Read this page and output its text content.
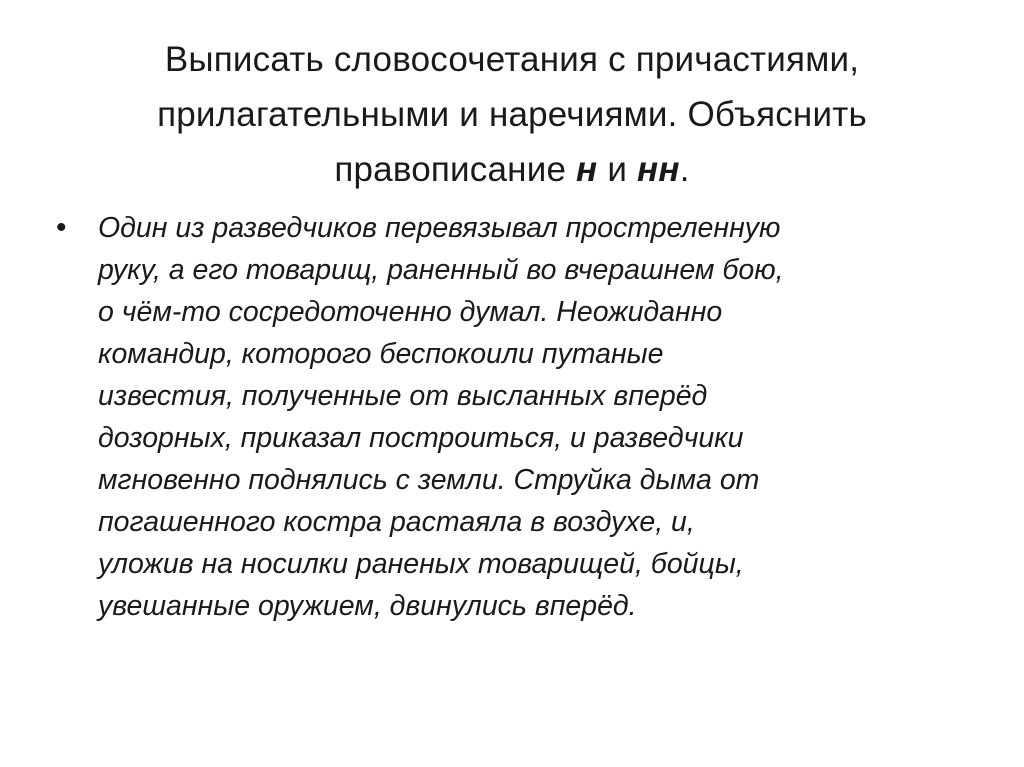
Выписать словосочетания с причастиями,
прилагательными и наречиями. Объяснить
правописание н и нн.
• Один из разведчиков перевязывал простреленную
руку, а его товарищ, раненный во вчерашнем бою,
о чём-то сосредоточенно думал. Неожиданно
командир, которого беспокоили путаные
известия, полученные от высланных вперёд
дозорных, приказал построиться, и разведчики
мгновенно поднялись с земли. Струйка дыма от
погашенного костра растаяла в воздухе, и,
уложив на носилки раненых товарищей, бойцы,
увешанные оружием, двинулись вперёд.
